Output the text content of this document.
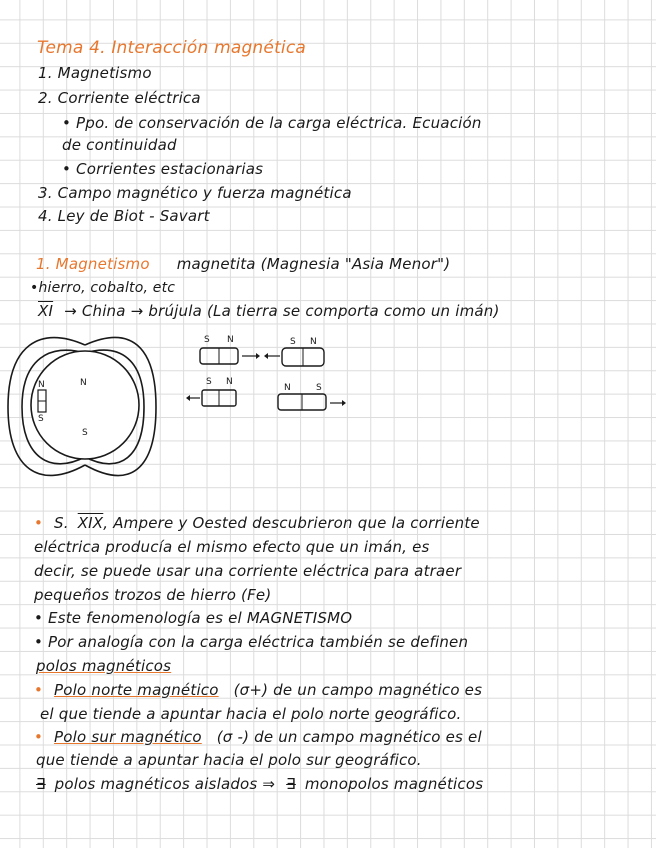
Tema 4. Interacción magnética
1. Magnetismo
2. Corriente eléctrica
• Ppo. de conservación de la carga eléctrica. Ecuación
de continuidad
• Corrientes estacionarias
3. Campo magnético y fuerza magnética
4. Ley de Biot - Savart
1. Magnetismo magnetita (Magnesia "Asia Menor")
•hierro, cobalto, etc
$\overline{XI}$ → China → brújula (La tierra se comporta como un imán)
N
S
N
S
S N	S N
S N
N	S
• S. $\overline{XIX}$, Ampere y Oested descubrieron que la corriente
eléctrica producía el mismo efecto que un imán, es
decir, se puede usar una corriente eléctrica para atraer
pequeños trozos de hierro (Fe)
• Este fenomenología es el MAGNETISMO
• Por analogía con la carga eléctrica también se definen
polos magnéticos
• Polo norte magnético (σ+) de un campo magnético es
el que tiende a apuntar hacia el polo norte geográfico.
• Polo sur magnético (σ -) de un campo magnético es el
que tiende a apuntar hacia el polo sur geográfico.
∃ polos magnéticos aislados ⇒ ∃ monopolos magnéticos
